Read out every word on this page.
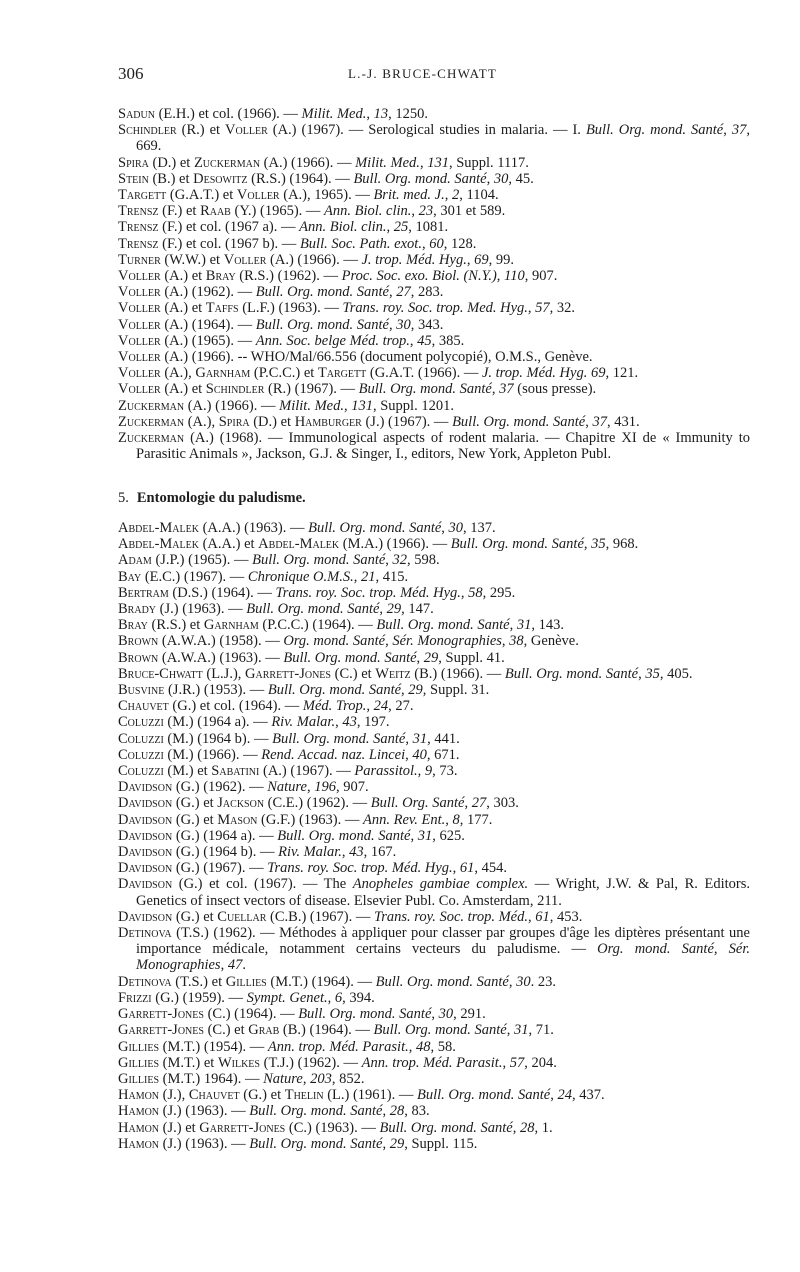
306	L.-J. BRUCE-CHWATT
Sadun (E.H.) et col. (1966). — Milit. Med., 13, 1250.
Schindler (R.) et Voller (A.) (1967). — Serological studies in malaria. — I. Bull. Org. mond. Santé, 37, 669.
Spira (D.) et Zuckerman (A.) (1966). — Milit. Med., 131, Suppl. 1117.
Stein (B.) et Desowitz (R.S.) (1964). — Bull. Org. mond. Santé, 30, 45.
Targett (G.A.T.) et Voller (A.), 1965). — Brit. med. J., 2, 1104.
Trensz (F.) et Raab (Y.) (1965). — Ann. Biol. clin., 23, 301 et 589.
Trensz (F.) et col. (1967 a). — Ann. Biol. clin., 25, 1081.
Trensz (F.) et col. (1967 b). — Bull. Soc. Path. exot., 60, 128.
Turner (W.W.) et Voller (A.) (1966). — J. trop. Méd. Hyg., 69, 99.
Voller (A.) et Bray (R.S.) (1962). — Proc. Soc. exo. Biol. (N.Y.), 110, 907.
Voller (A.) (1962). — Bull. Org. mond. Santé, 27, 283.
Voller (A.) et Taffs (L.F.) (1963). — Trans. roy. Soc. trop. Med. Hyg., 57, 32.
Voller (A.) (1964). — Bull. Org. mond. Santé, 30, 343.
Voller (A.) (1965). — Ann. Soc. belge Méd. trop., 45, 385.
Voller (A.) (1966). -- WHO/Mal/66.556 (document polycopié), O.M.S., Genève.
Voller (A.), Garnham (P.C.C.) et Targett (G.A.T. (1966). — J. trop. Méd. Hyg. 69, 121.
Voller (A.) et Schindler (R.) (1967). — Bull. Org. mond. Santé, 37 (sous presse).
Zuckerman (A.) (1966). — Milit. Med., 131, Suppl. 1201.
Zuckerman (A.), Spira (D.) et Hamburger (J.) (1967). — Bull. Org. mond. Santé, 37, 431.
Zuckerman (A.) (1968). — Immunological aspects of rodent malaria. — Chapitre XI de « Immunity to Parasitic Animals », Jackson, G.J. & Singer, I., editors, New York, Appleton Publ.
5. Entomologie du paludisme.
Abdel-Malek (A.A.) (1963). — Bull. Org. mond. Santé, 30, 137.
Abdel-Malek (A.A.) et Abdel-Malek (M.A.) (1966). — Bull. Org. mond. Santé, 35, 968.
Adam (J.P.) (1965). — Bull. Org. mond. Santé, 32, 598.
Bay (E.C.) (1967). — Chronique O.M.S., 21, 415.
Bertram (D.S.) (1964). — Trans. roy. Soc. trop. Méd. Hyg., 58, 295.
Brady (J.) (1963). — Bull. Org. mond. Santé, 29, 147.
Bray (R.S.) et Garnham (P.C.C.) (1964). — Bull. Org. mond. Santé, 31, 143.
Brown (A.W.A.) (1958). — Org. mond. Santé, Sér. Monographies, 38, Genève.
Brown (A.W.A.) (1963). — Bull. Org. mond. Santé, 29, Suppl. 41.
Bruce-Chwatt (L.J.), Garrett-Jones (C.) et Weitz (B.) (1966). — Bull. Org. mond. Santé, 35, 405.
Busvine (J.R.) (1953). — Bull. Org. mond. Santé, 29, Suppl. 31.
Chauvet (G.) et col. (1964). — Méd. Trop., 24, 27.
Coluzzi (M.) (1964 a). — Riv. Malar., 43, 197.
Coluzzi (M.) (1964 b). — Bull. Org. mond. Santé, 31, 441.
Coluzzi (M.) (1966). — Rend. Accad. naz. Lincei, 40, 671.
Coluzzi (M.) et Sabatini (A.) (1967). — Parassitol., 9, 73.
Davidson (G.) (1962). — Nature, 196, 907.
Davidson (G.) et Jackson (C.E.) (1962). — Bull. Org. Santé, 27, 303.
Davidson (G.) et Mason (G.F.) (1963). — Ann. Rev. Ent., 8, 177.
Davidson (G.) (1964 a). — Bull. Org. mond. Santé, 31, 625.
Davidson (G.) (1964 b). — Riv. Malar., 43, 167.
Davidson (G.) (1967). — Trans. roy. Soc. trop. Méd. Hyg., 61, 454.
Davidson (G.) et col. (1967). — The Anopheles gambiae complex. — Wright, J.W. & Pal, R. Editors. Genetics of insect vectors of disease. Elsevier Publ. Co. Amsterdam, 211.
Davidson (G.) et Cuellar (C.B.) (1967). — Trans. roy. Soc. trop. Méd., 61, 453.
Detinova (T.S.) (1962). — Méthodes à appliquer pour classer par groupes d'âge les diptères présentant une importance médicale, notamment certains vecteurs du paludisme. — Org. mond. Santé, Sér. Monographies, 47.
Detinova (T.S.) et Gillies (M.T.) (1964). — Bull. Org. mond. Santé, 30. 23.
Frizzi (G.) (1959). — Sympt. Genet., 6, 394.
Garrett-Jones (C.) (1964). — Bull. Org. mond. Santé, 30, 291.
Garrett-Jones (C.) et Grab (B.) (1964). — Bull. Org. mond. Santé, 31, 71.
Gillies (M.T.) (1954). — Ann. trop. Méd. Parasit., 48, 58.
Gillies (M.T.) et Wilkes (T.J.) (1962). — Ann. trop. Méd. Parasit., 57, 204.
Gillies (M.T.) 1964). — Nature, 203, 852.
Hamon (J.), Chauvet (G.) et Thelin (L.) (1961). — Bull. Org. mond. Santé, 24, 437.
Hamon (J.) (1963). — Bull. Org. mond. Santé, 28, 83.
Hamon (J.) et Garrett-Jones (C.) (1963). — Bull. Org. mond. Santé, 28, 1.
Hamon (J.) (1963). — Bull. Org. mond. Santé, 29, Suppl. 115.
